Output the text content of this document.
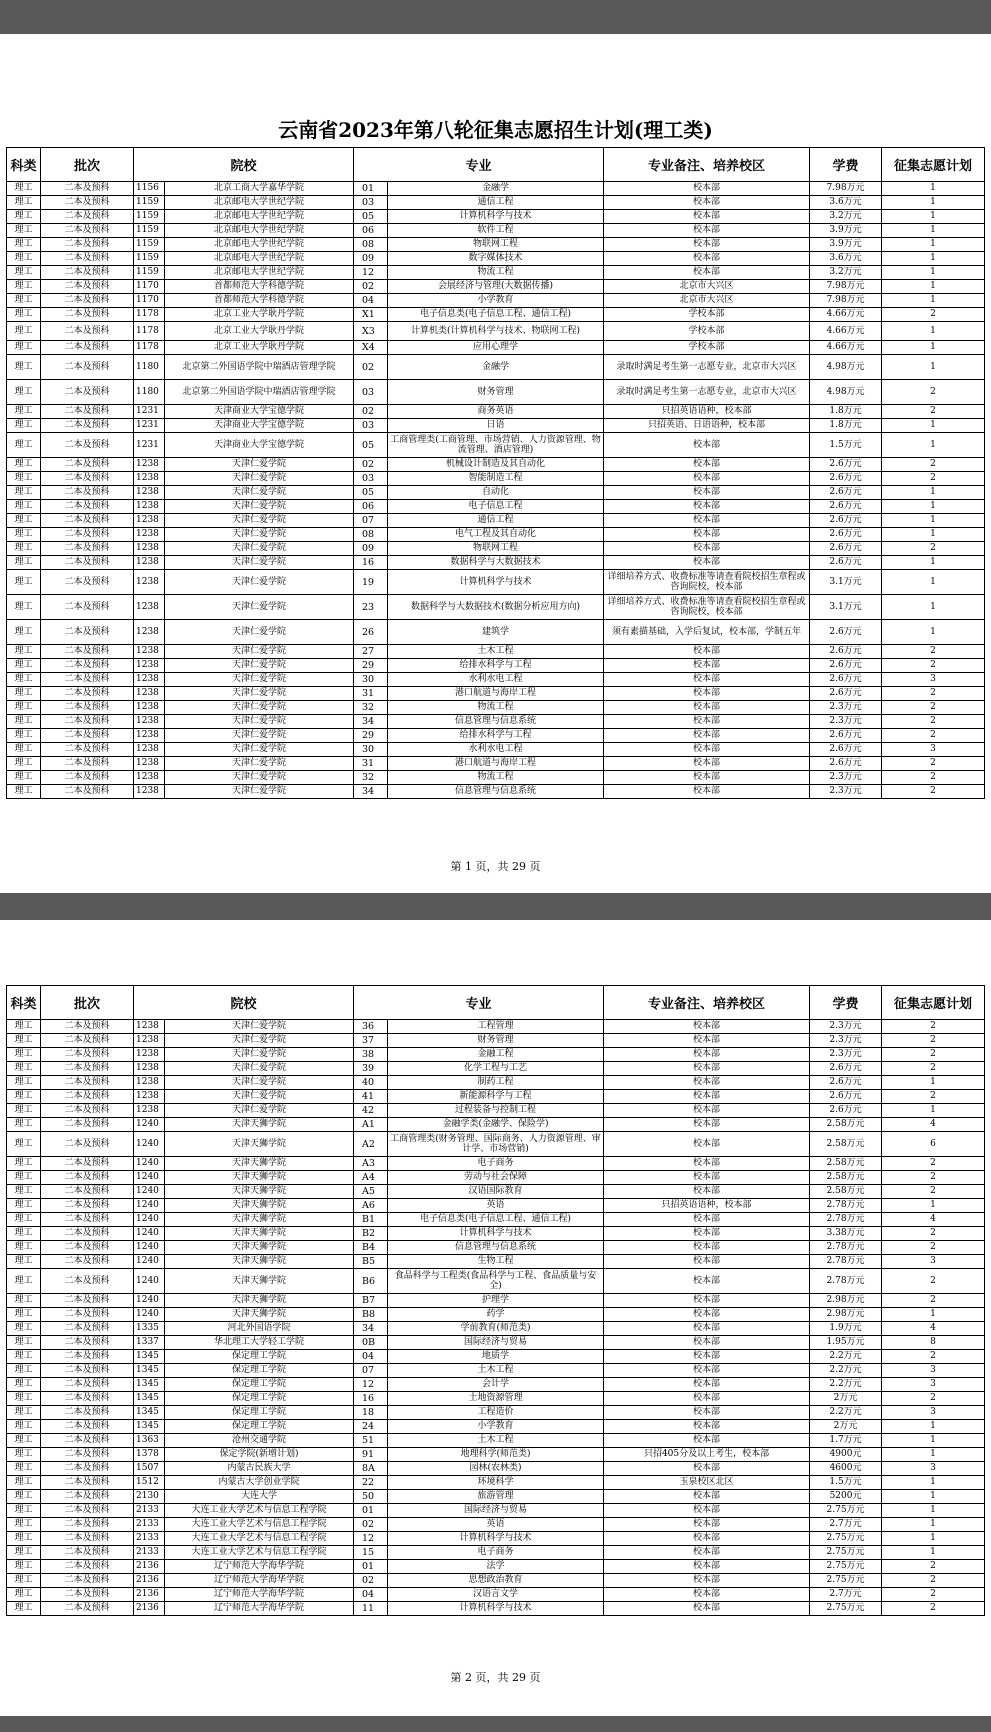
云南省2023年第八轮征集志愿招生计划(理工类)
科类	批次	院校		专业		专业备注、培养校区	学费	征集志愿计划
理工	二本及预科	1156	北京工商大学嘉华学院	01	金融学	校本部	7.98万元	1
理工	二本及预科	1159	北京邮电大学世纪学院	03	通信工程	校本部	3.6万元	1
理工	二本及预科	1159	北京邮电大学世纪学院	05	计算机科学与技术	校本部	3.2万元	1
理工	二本及预科	1159	北京邮电大学世纪学院	06	软件工程	校本部	3.9万元	1
理工	二本及预科	1159	北京邮电大学世纪学院	08	物联网工程	校本部	3.9万元	1
理工	二本及预科	1159	北京邮电大学世纪学院	09	数字媒体技术	校本部	3.6万元	1
理工	二本及预科	1159	北京邮电大学世纪学院	12	物流工程	校本部	3.2万元	1
理工	二本及预科	1170	首都师范大学科德学院	02	会展经济与管理(大数据传播)	北京市大兴区	7.98万元	1
理工	二本及预科	1170	首都师范大学科德学院	04	小学教育	北京市大兴区	7.98万元	1
理工	二本及预科	1178	北京工业大学耿丹学院	X1	电子信息类(电子信息工程、通信工程)	学校本部	4.66万元	2
理工	二本及预科	1178	北京工业大学耿丹学院	X3	计算机类(计算机科学与技术、物联网工程)	学校本部	4.66万元	1
理工	二本及预科	1178	北京工业大学耿丹学院	X4	应用心理学	学校本部	4.66万元	1
理工	二本及预科	1180	北京第二外国语学院中瑞酒店管理学院	02	金融学	录取时满足考生第一志愿专业，北京市大兴区	4.98万元	1
理工	二本及预科	1180	北京第二外国语学院中瑞酒店管理学院	03	财务管理	录取时满足考生第一志愿专业，北京市大兴区	4.98万元	2
理工	二本及预科	1231	天津商业大学宝德学院	02	商务英语	只招英语语种，校本部	1.8万元	2
理工	二本及预科	1231	天津商业大学宝德学院	03	日语	只招英语、日语语种，校本部	1.8万元	1
理工	二本及预科	1231	天津商业大学宝德学院	05	工商管理类(工商管理、市场营销、人力资源管理、物流管理、酒店管理)	校本部	1.5万元	1
理工	二本及预科	1238	天津仁爱学院	02	机械设计制造及其自动化	校本部	2.6万元	2
理工	二本及预科	1238	天津仁爱学院	03	智能制造工程	校本部	2.6万元	2
理工	二本及预科	1238	天津仁爱学院	05	自动化	校本部	2.6万元	1
理工	二本及预科	1238	天津仁爱学院	06	电子信息工程	校本部	2.6万元	1
理工	二本及预科	1238	天津仁爱学院	07	通信工程	校本部	2.6万元	1
理工	二本及预科	1238	天津仁爱学院	08	电气工程及其自动化	校本部	2.6万元	1
理工	二本及预科	1238	天津仁爱学院	09	物联网工程	校本部	2.6万元	2
理工	二本及预科	1238	天津仁爱学院	16	数据科学与大数据技术	校本部	2.6万元	1
理工	二本及预科	1238	天津仁爱学院	19	计算机科学与技术	详细培养方式、收费标准等请查看院校招生章程或咨询院校，校本部	3.1万元	1
理工	二本及预科	1238	天津仁爱学院	23	数据科学与大数据技术(数据分析应用方向)	详细培养方式、收费标准等请查看院校招生章程或咨询院校，校本部	3.1万元	1
理工	二本及预科	1238	天津仁爱学院	26	建筑学	须有素描基础，入学后复试，校本部，学制五年	2.6万元	1
理工	二本及预科	1238	天津仁爱学院	27	土木工程	校本部	2.6万元	2
理工	二本及预科	1238	天津仁爱学院	29	给排水科学与工程	校本部	2.6万元	2
理工	二本及预科	1238	天津仁爱学院	30	水利水电工程	校本部	2.6万元	3
理工	二本及预科	1238	天津仁爱学院	31	港口航道与海岸工程	校本部	2.6万元	2
理工	二本及预科	1238	天津仁爱学院	32	物流工程	校本部	2.3万元	2
理工	二本及预科	1238	天津仁爱学院	34	信息管理与信息系统	校本部	2.3万元	2
理工	二本及预科	1238	天津仁爱学院	29	给排水科学与工程	校本部	2.6万元	2
理工	二本及预科	1238	天津仁爱学院	30	水利水电工程	校本部	2.6万元	3
理工	二本及预科	1238	天津仁爱学院	31	港口航道与海岸工程	校本部	2.6万元	2
理工	二本及预科	1238	天津仁爱学院	32	物流工程	校本部	2.3万元	2
理工	二本及预科	1238	天津仁爱学院	34	信息管理与信息系统	校本部	2.3万元	2
第 1 页，共 29 页
科类	批次	院校		专业		专业备注、培养校区	学费	征集志愿计划
理工	二本及预科	1238	天津仁爱学院	36	工程管理	校本部	2.3万元	2
理工	二本及预科	1238	天津仁爱学院	37	财务管理	校本部	2.3万元	2
理工	二本及预科	1238	天津仁爱学院	38	金融工程	校本部	2.3万元	2
理工	二本及预科	1238	天津仁爱学院	39	化学工程与工艺	校本部	2.6万元	2
理工	二本及预科	1238	天津仁爱学院	40	制药工程	校本部	2.6万元	1
理工	二本及预科	1238	天津仁爱学院	41	新能源科学与工程	校本部	2.6万元	2
理工	二本及预科	1238	天津仁爱学院	42	过程装备与控制工程	校本部	2.6万元	1
理工	二本及预科	1240	天津天狮学院	A1	金融学类(金融学、保险学)	校本部	2.58万元	4
理工	二本及预科	1240	天津天狮学院	A2	工商管理类(财务管理、国际商务、人力资源管理、审计学、市场营销)	校本部	2.58万元	6
理工	二本及预科	1240	天津天狮学院	A3	电子商务	校本部	2.58万元	2
理工	二本及预科	1240	天津天狮学院	A4	劳动与社会保障	校本部	2.58万元	2
理工	二本及预科	1240	天津天狮学院	A5	汉语国际教育	校本部	2.58万元	2
理工	二本及预科	1240	天津天狮学院	A6	英语	只招英语语种，校本部	2.78万元	1
理工	二本及预科	1240	天津天狮学院	B1	电子信息类(电子信息工程、通信工程)	校本部	2.78万元	4
理工	二本及预科	1240	天津天狮学院	B2	计算机科学与技术	校本部	3.38万元	2
理工	二本及预科	1240	天津天狮学院	B4	信息管理与信息系统	校本部	2.78万元	2
理工	二本及预科	1240	天津天狮学院	B5	生物工程	校本部	2.78万元	3
理工	二本及预科	1240	天津天狮学院	B6	食品科学与工程类(食品科学与工程、食品质量与安全)	校本部	2.78万元	2
理工	二本及预科	1240	天津天狮学院	B7	护理学	校本部	2.98万元	2
理工	二本及预科	1240	天津天狮学院	B8	药学	校本部	2.98万元	1
理工	二本及预科	1335	河北外国语学院	34	学前教育(师范类)	校本部	1.9万元	4
理工	二本及预科	1337	华北理工大学轻工学院	0B	国际经济与贸易	校本部	1.95万元	8
理工	二本及预科	1345	保定理工学院	04	地质学	校本部	2.2万元	2
理工	二本及预科	1345	保定理工学院	07	土木工程	校本部	2.2万元	3
理工	二本及预科	1345	保定理工学院	12	会计学	校本部	2.2万元	3
理工	二本及预科	1345	保定理工学院	16	土地资源管理	校本部	2万元	2
理工	二本及预科	1345	保定理工学院	18	工程造价	校本部	2.2万元	3
理工	二本及预科	1345	保定理工学院	24	小学教育	校本部	2万元	1
理工	二本及预科	1363	沧州交通学院	51	土木工程	校本部	1.7万元	1
理工	二本及预科	1378	保定学院(新增计划)	91	地理科学(师范类)	只招405分及以上考生，校本部	4900元	1
理工	二本及预科	1507	内蒙古民族大学	8A	园林(农林类)	校本部	4600元	3
理工	二本及预科	1512	内蒙古大学创业学院	22	环境科学	玉泉校区北区	1.5万元	1
理工	二本及预科	2130	大连大学	50	旅游管理	校本部	5200元	1
理工	二本及预科	2133	大连工业大学艺术与信息工程学院	01	国际经济与贸易	校本部	2.75万元	1
理工	二本及预科	2133	大连工业大学艺术与信息工程学院	02	英语	校本部	2.7万元	1
理工	二本及预科	2133	大连工业大学艺术与信息工程学院	12	计算机科学与技术	校本部	2.75万元	1
理工	二本及预科	2133	大连工业大学艺术与信息工程学院	15	电子商务	校本部	2.75万元	1
理工	二本及预科	2136	辽宁师范大学海华学院	01	法学	校本部	2.75万元	2
理工	二本及预科	2136	辽宁师范大学海华学院	02	思想政治教育	校本部	2.75万元	2
理工	二本及预科	2136	辽宁师范大学海华学院	04	汉语言文学	校本部	2.7万元	2
理工	二本及预科	2136	辽宁师范大学海华学院	11	计算机科学与技术	校本部	2.75万元	2
第 2 页，共 29 页
